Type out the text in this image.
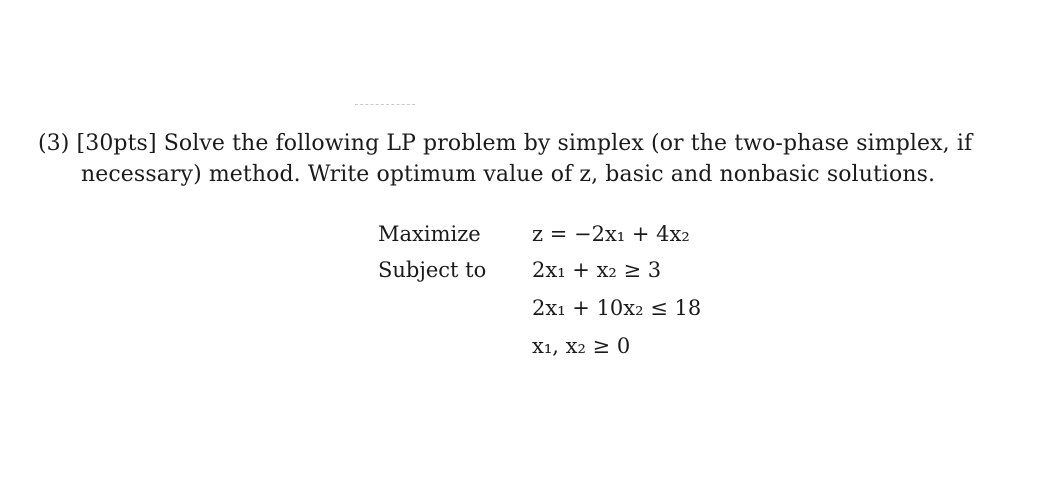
(3) [30pts] Solve the following LP problem by simplex (or the two-phase simplex, if
necessary) method. Write optimum value of z, basic and nonbasic solutions.
Maximize z = −2x₁ + 4x₂
Subject to 2x₁ + x₂ ≥ 3
2x₁ + 10x₂ ≤ 18
x₁, x₂ ≥ 0
